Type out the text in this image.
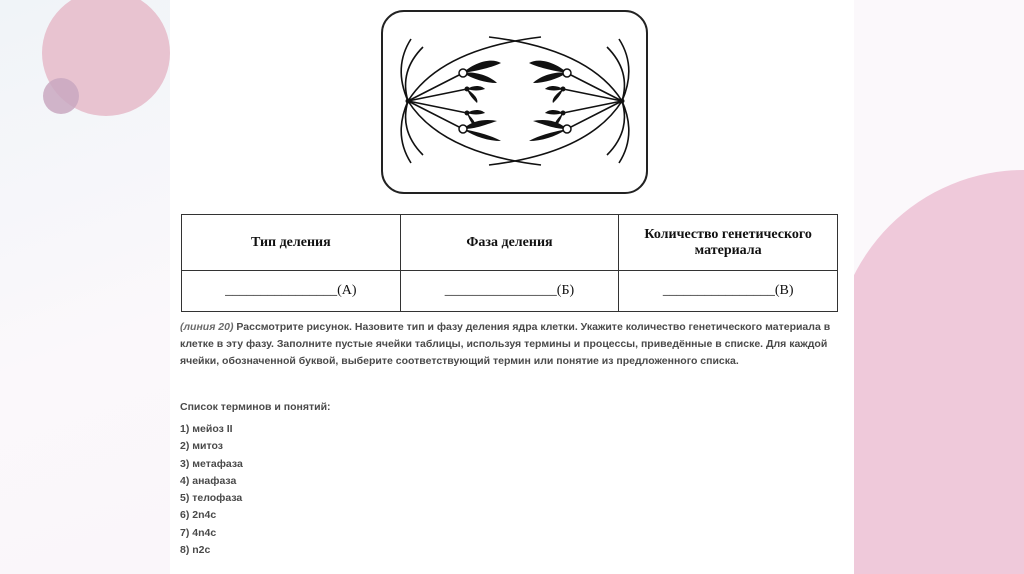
Тип деления	Фаза деления	Количество генетического материала
________________(А)	________________(Б)	________________(В)

(линия 20) Рассмотрите рисунок. Назовите тип и фазу деления ядра клетки. Укажите количество генетического материала в клетке в эту фазу. Заполните пустые ячейки таблицы, используя термины и процессы, приведённые в списке. Для каждой ячейки, обозначенной буквой, выберите соответствующий термин или понятие из предложенного списка.

Список терминов и понятий:

1) мейоз II
2) митоз
3) метафаза
4) анафаза
5) телофаза
6) 2n4c
7) 4n4c
8) n2c
